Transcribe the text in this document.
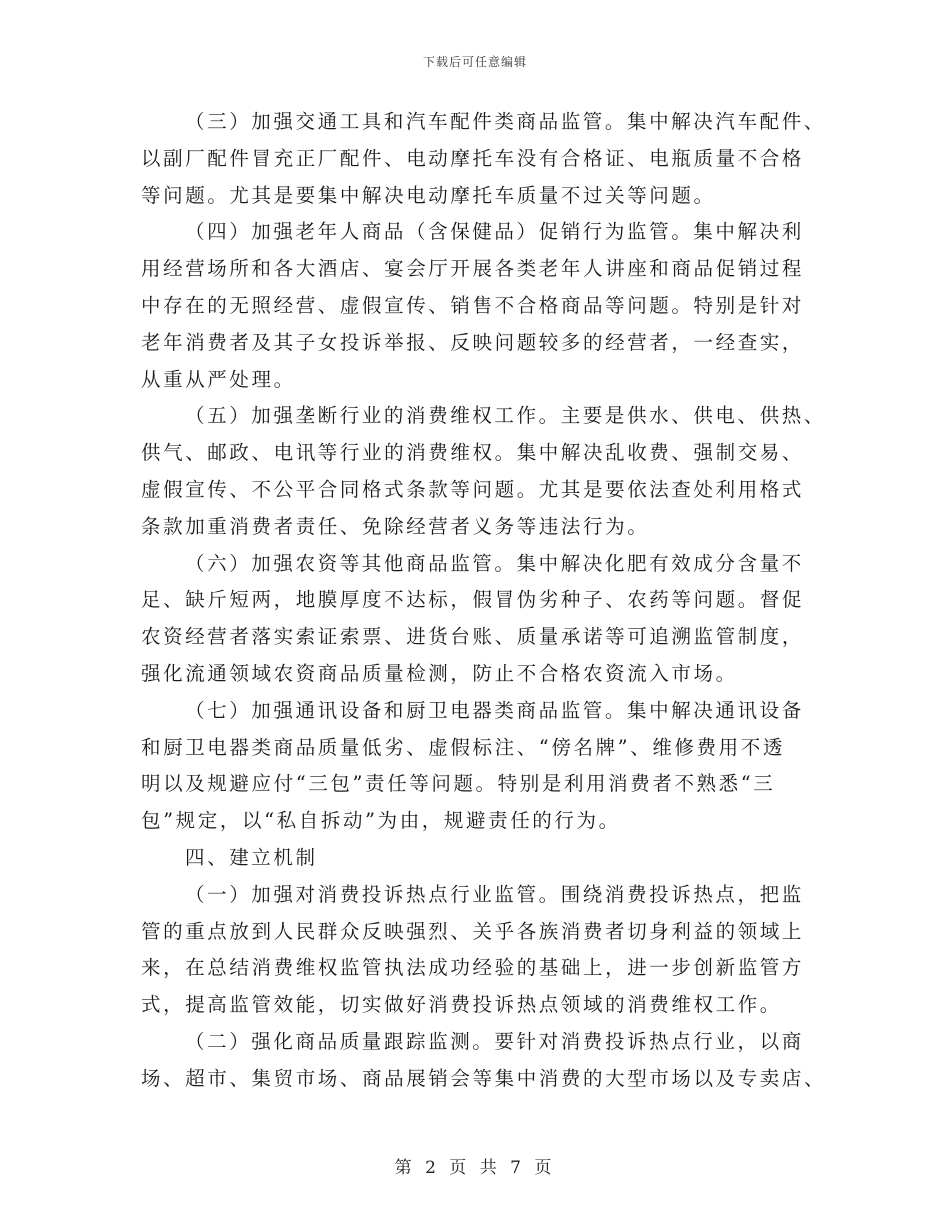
下载后可任意编辑
（三）加强交通工具和汽车配件类商品监管。集中解决汽车配件、
以副厂配件冒充正厂配件、电动摩托车没有合格证、电瓶质量不合格
等问题。尤其是要集中解决电动摩托车质量不过关等问题。
（四）加强老年人商品（含保健品）促销行为监管。集中解决利
用经营场所和各大酒店、宴会厅开展各类老年人讲座和商品促销过程
中存在的无照经营、虚假宣传、销售不合格商品等问题。特别是针对
老年消费者及其子女投诉举报、反映问题较多的经营者，一经查实，
从重从严处理。
（五）加强垄断行业的消费维权工作。主要是供水、供电、供热、
供气、邮政、电讯等行业的消费维权。集中解决乱收费、强制交易、
虚假宣传、不公平合同格式条款等问题。尤其是要依法查处利用格式
条款加重消费者责任、免除经营者义务等违法行为。
（六）加强农资等其他商品监管。集中解决化肥有效成分含量不
足、缺斤短两，地膜厚度不达标，假冒伪劣种子、农药等问题。督促
农资经营者落实索证索票、进货台账、质量承诺等可追溯监管制度，
强化流通领域农资商品质量检测，防止不合格农资流入市场。
（七）加强通讯设备和厨卫电器类商品监管。集中解决通讯设备
和厨卫电器类商品质量低劣、虚假标注、“傍名牌”、维修费用不透
明以及规避应付“三包”责任等问题。特别是利用消费者不熟悉“三
包”规定，以“私自拆动”为由，规避责任的行为。
四、建立机制
（一）加强对消费投诉热点行业监管。围绕消费投诉热点，把监
管的重点放到人民群众反映强烈、关乎各族消费者切身利益的领域上
来，在总结消费维权监管执法成功经验的基础上，进一步创新监管方
式，提高监管效能，切实做好消费投诉热点领域的消费维权工作。
（二）强化商品质量跟踪监测。要针对消费投诉热点行业，以商
场、超市、集贸市场、商品展销会等集中消费的大型市场以及专卖店、
第 2 页 共 7 页
